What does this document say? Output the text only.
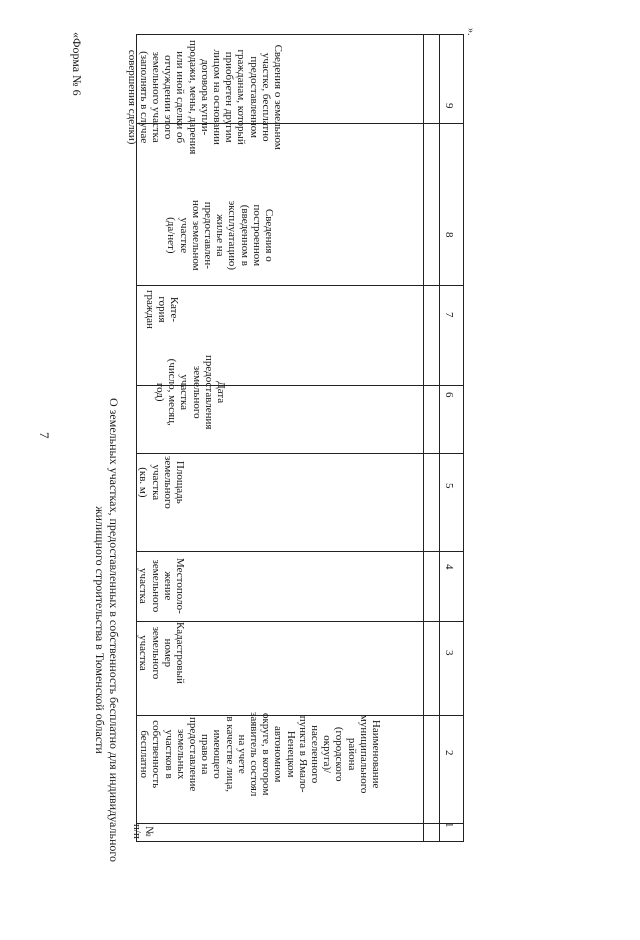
7
«Форма № 6
О земельных участках, предоставленных в собственность бесплатно для индивидуального
жилищного строительства в Тюменской области
».
Сведения о земельном
участке, бесплатно
предоставленном
гражданам, который
приобретен другим
лицом на основании
договора купли-
продажи, мены, дарения
или иной сделки об
отчуждении этого
земельного участка
(заполнять в случае
совершения сделки)
Сведения о
построенном
(введенном в
эксплуатацию)
жилье на
предоставлен-
ном земельном
участке
(да/нет)
Кате-
гория
граждан
Дата
предоставления
земельного
участка
(число, месяц,
год)
Площадь
земельного
участка
(кв. м)
Местополо-
жение
земельного
участка
Кадастровый
номер
земельного
участка
Наименование
муниципального
района
(городского
округа)/
населенного
пункта в Ямало-
Ненецком
автономном
округе, в котором
заявитель состоял
на учете
в качестве лица,
имеющего
право на
предоставление
земельных
участков в
собственность
бесплатно
№
п/п
9
8
7
6
5
4
3
2
1
